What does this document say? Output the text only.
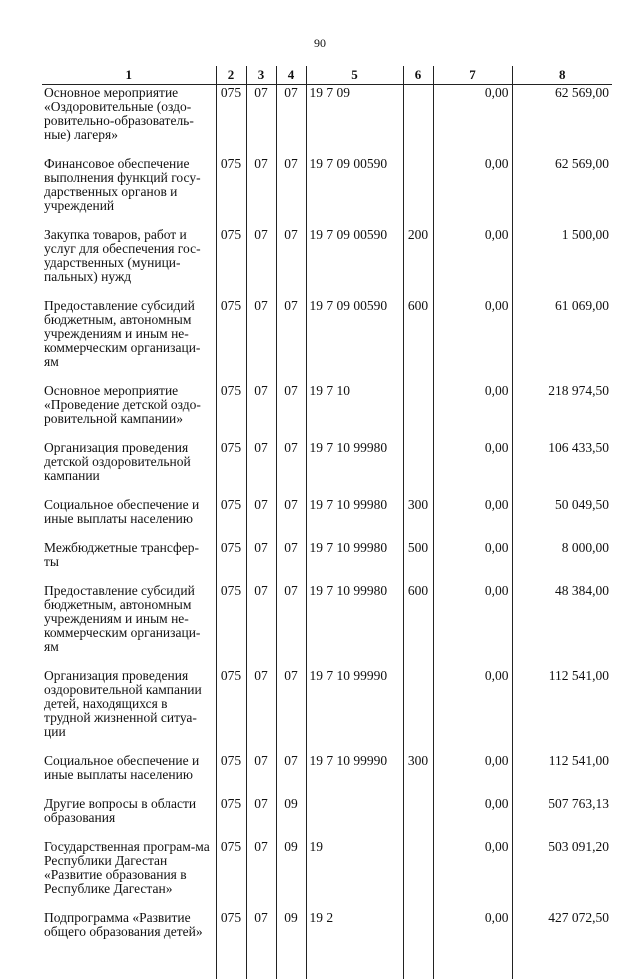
90
1	2	3	4	5	6	7	8
Основное мероприятие «Оздоровительные (оздо-ровительно-образователь-ные) лагеря»	075	07	07	19 7 09		0,00	62 569,00
Финансовое обеспечение выполнения функций госу-дарственных органов и учреждений	075	07	07	19 7 09 00590		0,00	62 569,00
Закупка товаров, работ и услуг для обеспечения гос-ударственных (муници-пальных) нужд	075	07	07	19 7 09 00590	200	0,00	1 500,00
Предоставление субсидий бюджетным, автономным учреждениям и иным не-коммерческим организаци-ям	075	07	07	19 7 09 00590	600	0,00	61 069,00
Основное мероприятие «Проведение детской оздо-ровительной кампании»	075	07	07	19 7 10		0,00	218 974,50
Организация проведения детской оздоровительной кампании	075	07	07	19 7 10 99980		0,00	106 433,50
Социальное обеспечение и иные выплаты населению	075	07	07	19 7 10 99980	300	0,00	50 049,50
Межбюджетные трансфер-ты	075	07	07	19 7 10 99980	500	0,00	8 000,00
Предоставление субсидий бюджетным, автономным учреждениям и иным не-коммерческим организаци-ям	075	07	07	19 7 10 99980	600	0,00	48 384,00
Организация проведения оздоровительной кампании детей, находящихся в трудной жизненной ситуа-ции	075	07	07	19 7 10 99990		0,00	112 541,00
Социальное обеспечение и иные выплаты населению	075	07	07	19 7 10 99990	300	0,00	112 541,00
Другие вопросы в области образования	075	07	09			0,00	507 763,13
Государственная програм-ма Республики Дагестан «Развитие образования в Республике Дагестан»	075	07	09	19		0,00	503 091,20
Подпрограмма «Развитие общего образования детей»	075	07	09	19 2		0,00	427 072,50
